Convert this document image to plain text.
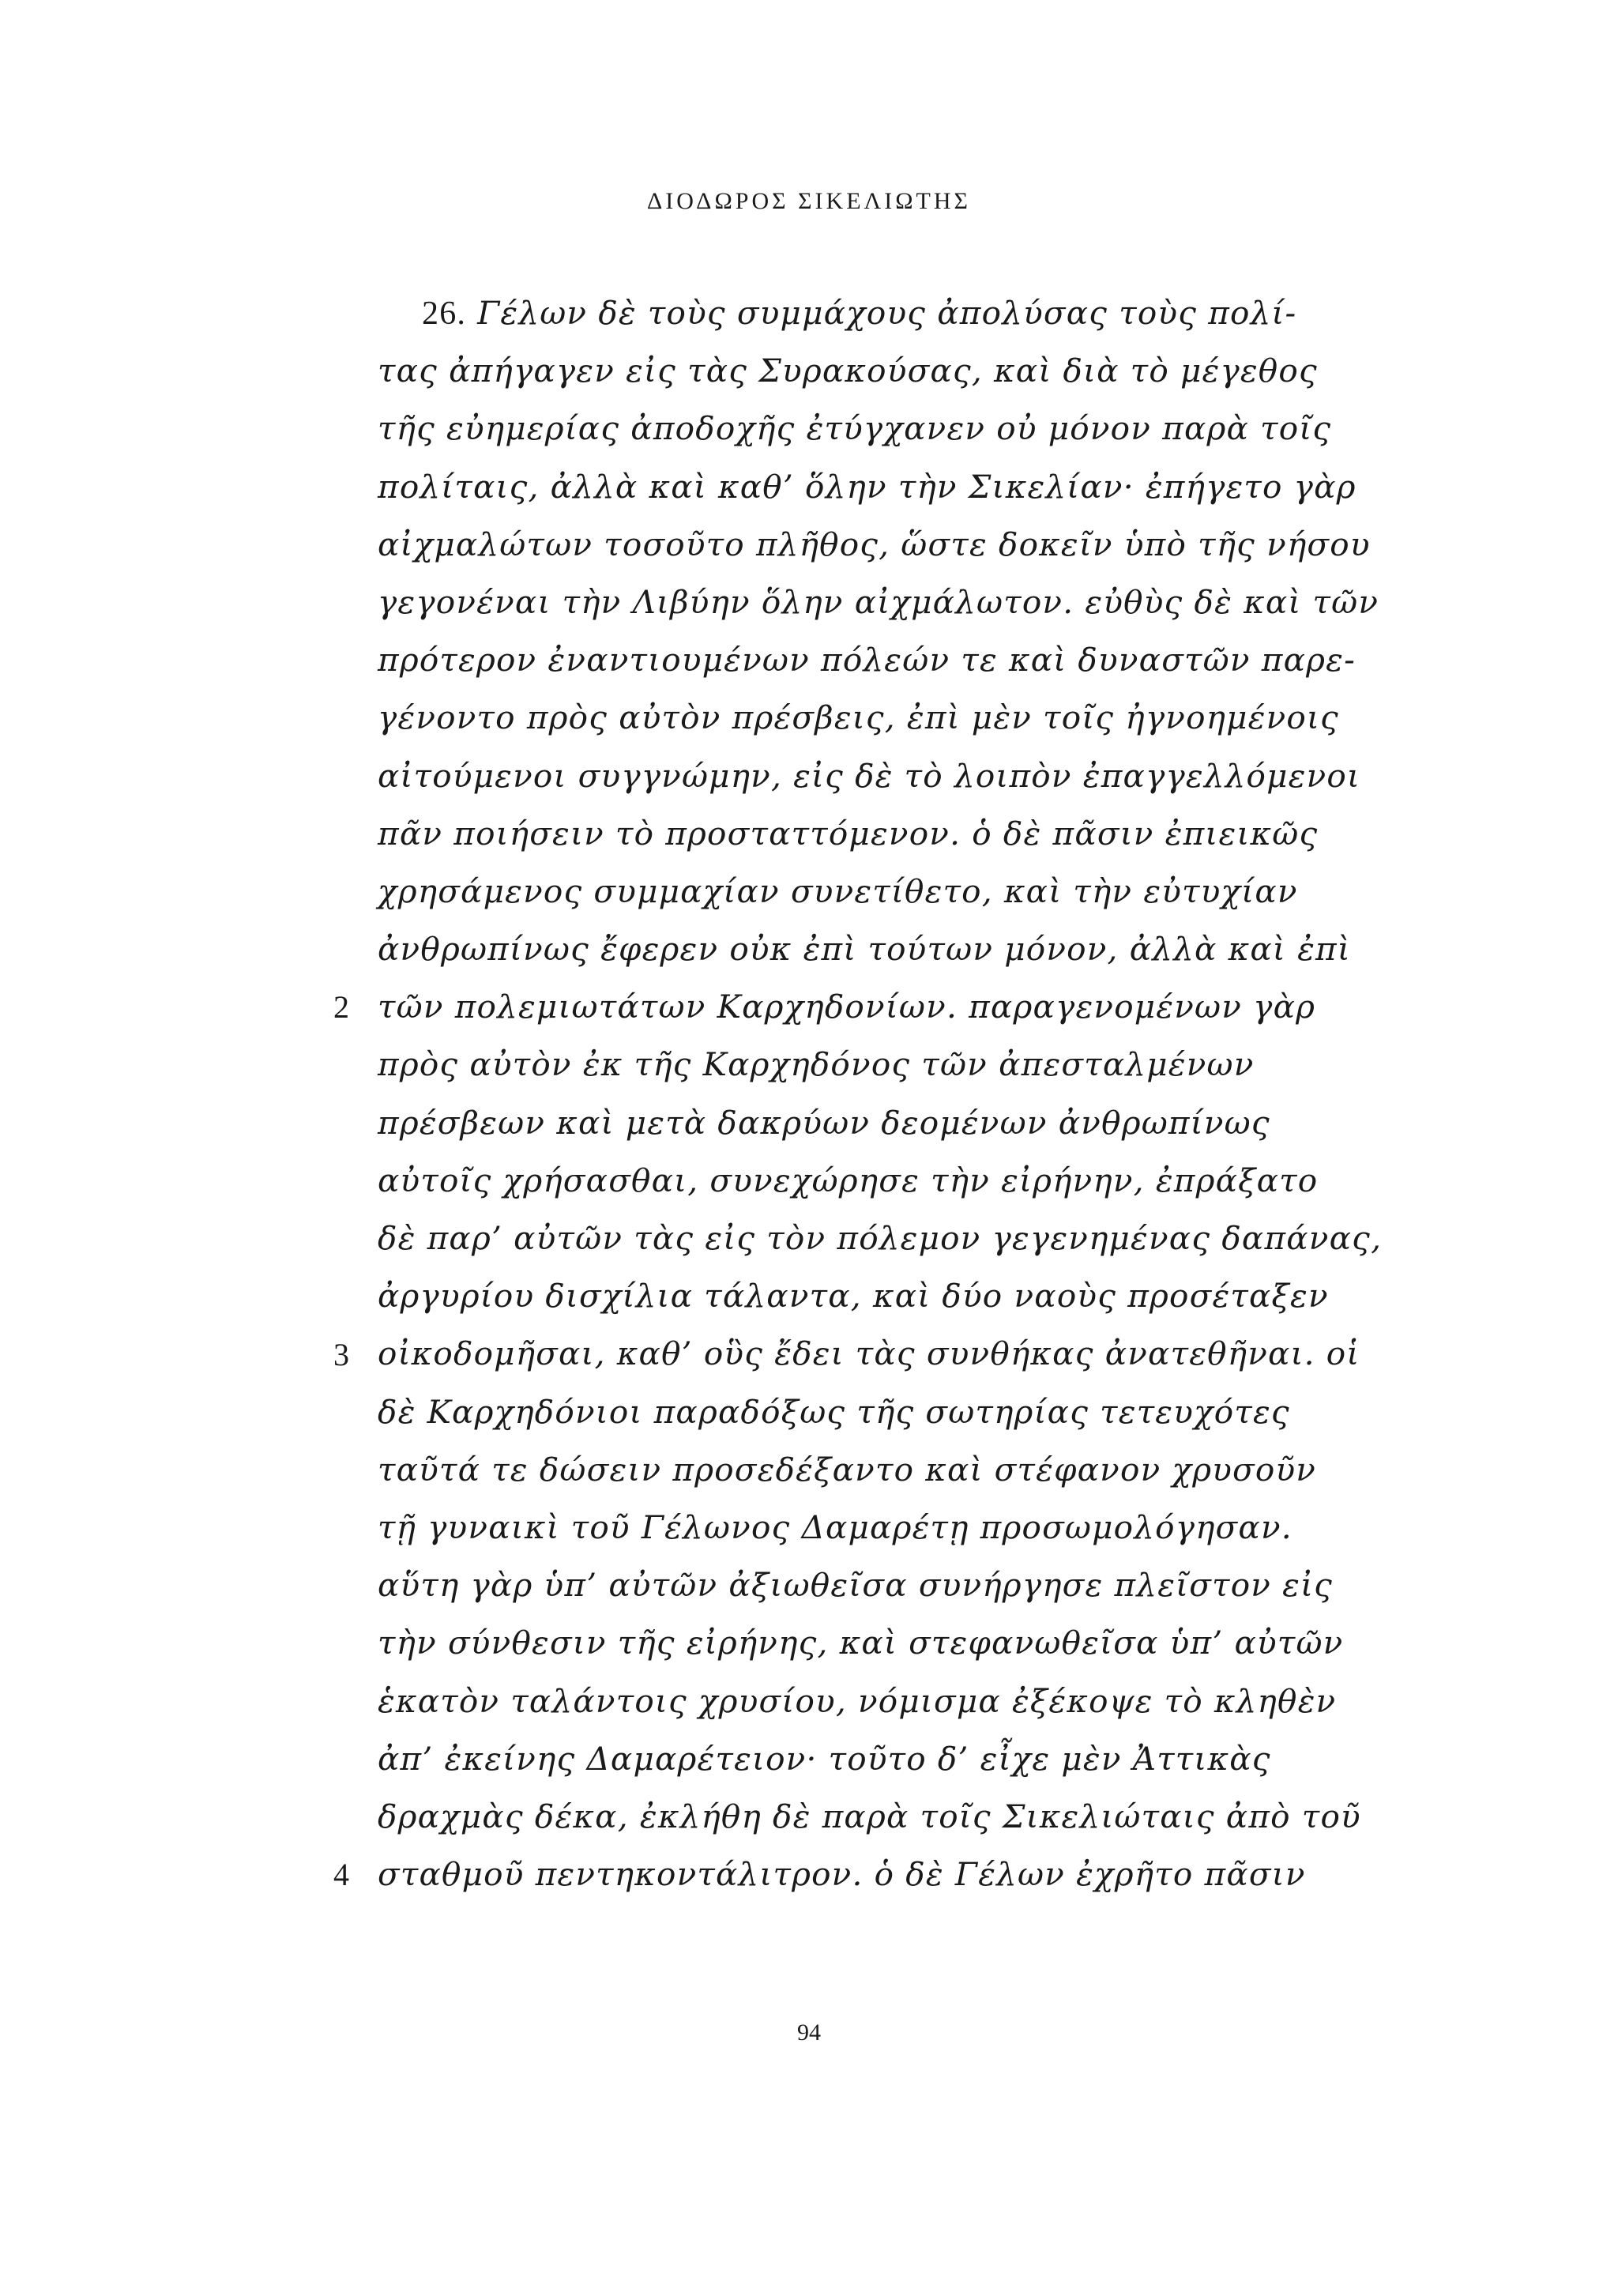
ΔΙΟΔΩΡΟΣ ΣΙΚΕΛΙΩΤΗΣ
26. Γέλων δὲ τοὺς συμμάχους ἀπολύσας τοὺς πολί-
τας ἀπήγαγεν εἰς τὰς Συρακούσας, καὶ διὰ τὸ μέγεθος
τῆς εὐημερίας ἀποδοχῆς ἐτύγχανεν οὐ μόνον παρὰ τοῖς
πολίταις, ἀλλὰ καὶ καθ’ ὅλην τὴν Σικελίαν· ἐπήγετο γὰρ
αἰχμαλώτων τοσοῦτο πλῆθος, ὥστε δοκεῖν ὑπὸ τῆς νήσου
γεγονέναι τὴν Λιβύην ὅλην αἰχμάλωτον. εὐθὺς δὲ καὶ τῶν
πρότερον ἐναντιουμένων πόλεών τε καὶ δυναστῶν παρε-
γένοντο πρὸς αὐτὸν πρέσβεις, ἐπὶ μὲν τοῖς ἠγνοημένοις
αἰτούμενοι συγγνώμην, εἰς δὲ τὸ λοιπὸν ἐπαγγελλόμενοι
πᾶν ποιήσειν τὸ προσταττόμενον. ὁ δὲ πᾶσιν ἐπιεικῶς
χρησάμενος συμμαχίαν συνετίθετο, καὶ τὴν εὐτυχίαν
ἀνθρωπίνως ἔφερεν οὐκ ἐπὶ τούτων μόνον, ἀλλὰ καὶ ἐπὶ
τῶν πολεμιωτάτων Καρχηδονίων. παραγενομένων γὰρ
πρὸς αὐτὸν ἐκ τῆς Καρχηδόνος τῶν ἀπεσταλμένων
πρέσβεων καὶ μετὰ δακρύων δεομένων ἀνθρωπίνως
αὐτοῖς χρήσασθαι, συνεχώρησε τὴν εἰρήνην, ἐπράξατο
δὲ παρ’ αὐτῶν τὰς εἰς τὸν πόλεμον γεγενημένας δαπάνας,
ἀργυρίου δισχίλια τάλαντα, καὶ δύο ναοὺς προσέταξεν
οἰκοδομῆσαι, καθ’ οὓς ἔδει τὰς συνθήκας ἀνατεθῆναι. οἱ
δὲ Καρχηδόνιοι παραδόξως τῆς σωτηρίας τετευχότες
ταῦτά τε δώσειν προσεδέξαντο καὶ στέφανον χρυσοῦν
τῇ γυναικὶ τοῦ Γέλωνος Δαμαρέτῃ προσωμολόγησαν.
αὕτη γὰρ ὑπ’ αὐτῶν ἀξιωθεῖσα συνήργησε πλεῖστον εἰς
τὴν σύνθεσιν τῆς εἰρήνης, καὶ στεφανωθεῖσα ὑπ’ αὐτῶν
ἑκατὸν ταλάντοις χρυσίου, νόμισμα ἐξέκοψε τὸ κληθὲν
ἀπ’ ἐκείνης Δαμαρέτειον· τοῦτο δ’ εἶχε μὲν Ἀττικὰς
δραχμὰς δέκα, ἐκλήθη δὲ παρὰ τοῖς Σικελιώταις ἀπὸ τοῦ
σταθμοῦ πεντηκοντάλιτρον. ὁ δὲ Γέλων ἐχρῆτο πᾶσιν
2
3
4
94
